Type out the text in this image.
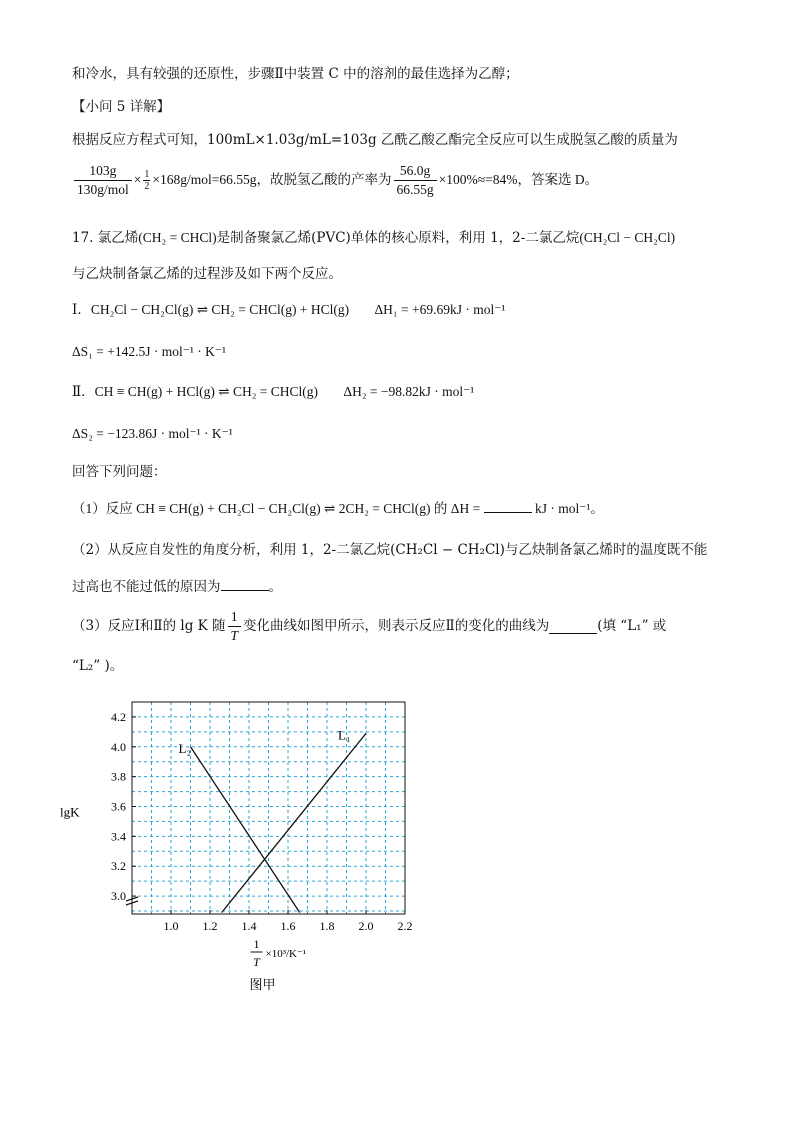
和冷水，具有较强的还原性，步骤Ⅱ中装置 C 中的溶剂的最佳选择为乙醇；
【小问 5 详解】
根据反应方程式可知，100mL×1.03g/mL=103g 乙酰乙酸乙酯完全反应可以生成脱氢乙酸的质量为
$\frac{103g}{\text{130g/mol}} \times \frac{1}{2} \times 168g/mol=66.55g$，故脱氢乙酸的产率为 $\frac{56.0g}{66.55g} \times 100\%\approx=84\%$，答案选 D。
17. 氯乙烯(CH₂ = CHCl)是制备聚氯乙烯(PVC)单体的核心原料，利用 1，2-二氯乙烷(CH₂Cl − CH₂Cl)
与乙炔制备氯乙烯的过程涉及如下两个反应。
Ⅰ．CH₂Cl − CH₂Cl(g) ⇌ CH₂ = CHCl(g) + HCl(g) ΔH₁ = +69.69kJ · mol⁻¹
ΔS₁ = +142.5J · mol⁻¹ · K⁻¹
Ⅱ．CH ≡ CH(g) + HCl(g) ⇌ CH₂ = CHCl(g) ΔH₂ = −98.82kJ · mol⁻¹
ΔS₂ = −123.86J · mol⁻¹ · K⁻¹
回答下列问题：
（1）反应 CH ≡ CH(g) + CH₂Cl − CH₂Cl(g) ⇌ 2CH₂ = CHCl(g) 的 ΔH =	kJ · mol⁻¹。
（2）从反应自发性的角度分析，利用 1，2-二氯乙烷(CH₂Cl − CH₂Cl)与乙炔制备氯乙烯时的温度既不能
过高也不能过低的原因为	。
（3）反应Ⅰ和Ⅱ的 lg K 随 $\frac{1}{T}$ 变化曲线如图甲所示，则表示反应Ⅱ的变化的曲线为	(填 “L₁” 或
“L₂” )。
1.0 1.2 1.4 1.6 1.8 2.0 2.2
3.0
3.2
3.4
3.6
3.8
4.0
4.2
L₂
L₁
lgK
1
T
×10³/K⁻¹
图甲
